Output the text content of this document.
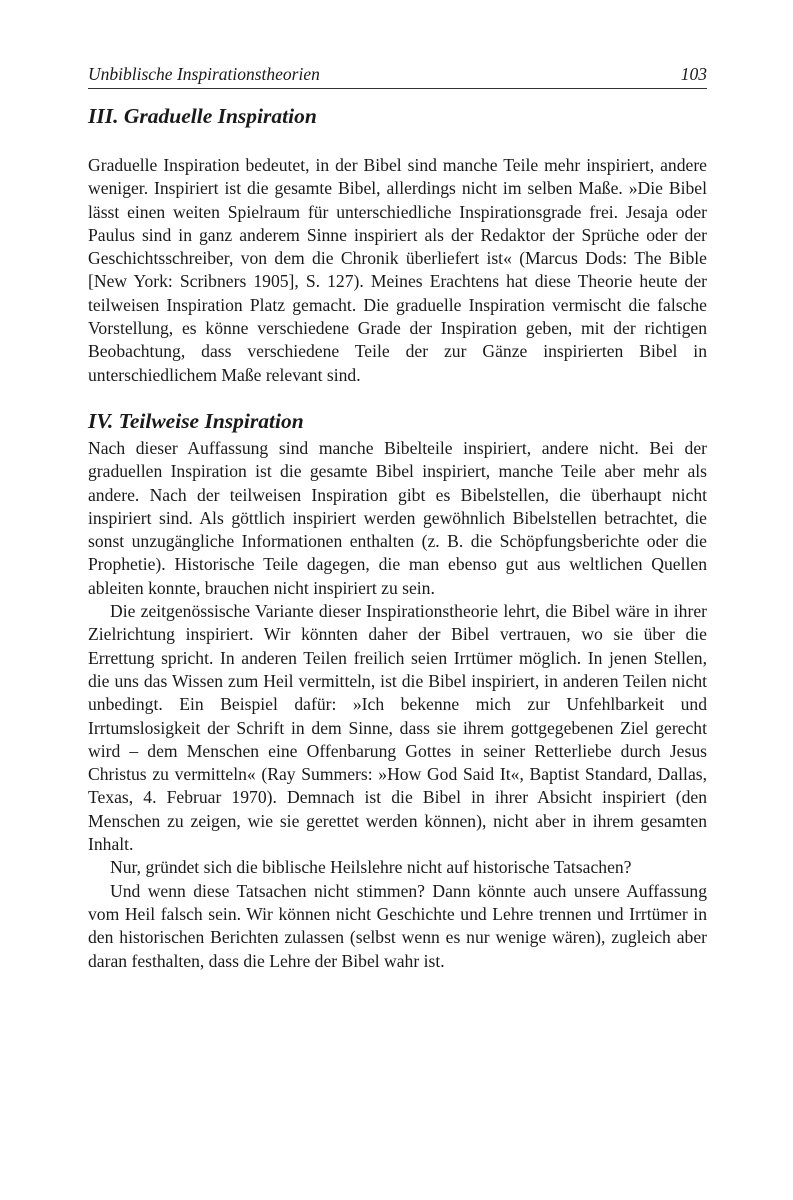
Unbiblische Inspirationstheorien	103
III. Graduelle Inspiration

Graduelle Inspiration bedeutet, in der Bibel sind manche Teile mehr inspiriert, andere weniger. Inspiriert ist die gesamte Bibel, allerdings nicht im selben Maße. »Die Bibel lässt einen weiten Spielraum für unterschiedliche Inspirationsgrade frei. Jesaja oder Paulus sind in ganz anderem Sinne inspiriert als der Redaktor der Sprüche oder der Geschichtsschreiber, von dem die Chronik überliefert ist« (Marcus Dods: The Bible [New York: Scribners 1905], S. 127). Meines Erachtens hat diese Theorie heute der teilweisen Inspiration Platz gemacht. Die graduelle Inspiration vermischt die falsche Vorstellung, es könne verschiedene Grade der Inspiration geben, mit der richtigen Beobachtung, dass verschiedene Teile der zur Gänze inspirierten Bibel in unterschiedlichem Maße relevant sind.

IV. Teilweise Inspiration

Nach dieser Auffassung sind manche Bibelteile inspiriert, andere nicht. Bei der graduellen Inspiration ist die gesamte Bibel inspiriert, manche Teile aber mehr als andere. Nach der teilweisen Inspiration gibt es Bibelstellen, die überhaupt nicht inspiriert sind. Als göttlich inspiriert werden gewöhnlich Bibelstellen betrachtet, die sonst unzugängliche Informationen enthalten (z. B. die Schöpfungsberichte oder die Prophetie). Historische Teile dagegen, die man ebenso gut aus weltlichen Quellen ableiten konnte, brauchen nicht inspiriert zu sein.

Die zeitgenössische Variante dieser Inspirationstheorie lehrt, die Bibel wäre in ihrer Zielrichtung inspiriert. Wir könnten daher der Bibel vertrauen, wo sie über die Errettung spricht. In anderen Teilen freilich seien Irrtümer möglich. In jenen Stellen, die uns das Wissen zum Heil vermitteln, ist die Bibel inspiriert, in anderen Teilen nicht unbedingt. Ein Beispiel dafür: »Ich bekenne mich zur Unfehlbarkeit und Irrtumslosigkeit der Schrift in dem Sinne, dass sie ihrem gottgegebenen Ziel gerecht wird – dem Menschen eine Offenbarung Gottes in seiner Retterliebe durch Jesus Christus zu vermitteln« (Ray Summers: »How God Said It«, Baptist Standard, Dallas, Texas, 4. Februar 1970). Demnach ist die Bibel in ihrer Absicht inspiriert (den Menschen zu zeigen, wie sie gerettet werden können), nicht aber in ihrem gesamten Inhalt.

Nur, gründet sich die biblische Heilslehre nicht auf historische Tatsachen?

Und wenn diese Tatsachen nicht stimmen? Dann könnte auch unsere Auffassung vom Heil falsch sein. Wir können nicht Geschichte und Lehre trennen und Irrtümer in den historischen Berichten zulassen (selbst wenn es nur wenige wären), zugleich aber daran festhalten, dass die Lehre der Bibel wahr ist.
